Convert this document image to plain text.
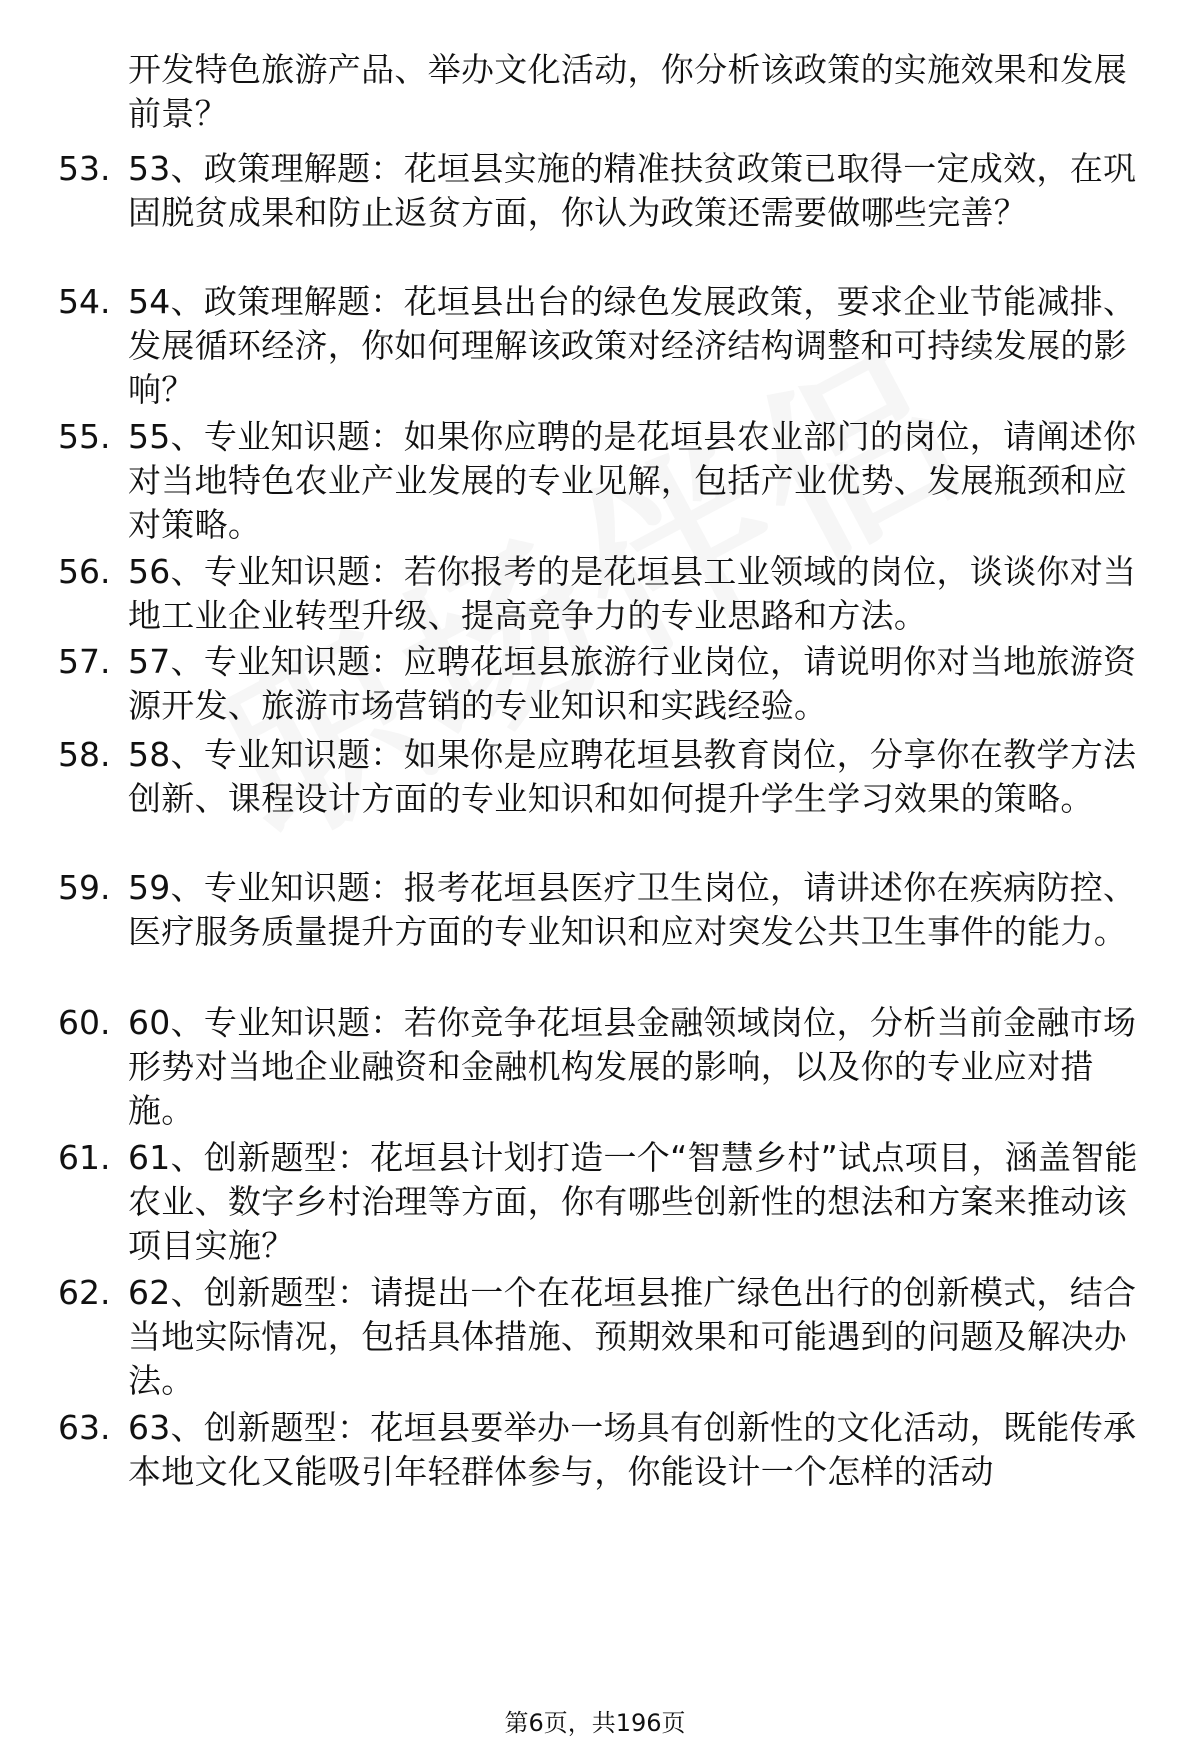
开发特色旅游产品、举办文化活动，你分析该政策的实施效果和发展前景？
53. 53、政策理解题：花垣县实施的精准扶贫政策已取得一定成效，在巩固脱贫成果和防止返贫方面，你认为政策还需要做哪些完善？
54. 54、政策理解题：花垣县出台的绿色发展政策，要求企业节能减排、发展循环经济，你如何理解该政策对经济结构调整和可持续发展的影响？
55. 55、专业知识题：如果你应聘的是花垣县农业部门的岗位，请阐述你对当地特色农业产业发展的专业见解，包括产业优势、发展瓶颈和应对策略。
56. 56、专业知识题：若你报考的是花垣县工业领域的岗位，谈谈你对当地工业企业转型升级、提高竞争力的专业思路和方法。
57. 57、专业知识题：应聘花垣县旅游行业岗位，请说明你对当地旅游资源开发、旅游市场营销的专业知识和实践经验。
58. 58、专业知识题：如果你是应聘花垣县教育岗位，分享你在教学方法创新、课程设计方面的专业知识和如何提升学生学习效果的策略。
59. 59、专业知识题：报考花垣县医疗卫生岗位，请讲述你在疾病防控、医疗服务质量提升方面的专业知识和应对突发公共卫生事件的能力。
60. 60、专业知识题：若你竞争花垣县金融领域岗位，分析当前金融市场形势对当地企业融资和金融机构发展的影响，以及你的专业应对措施。
61. 61、创新题型：花垣县计划打造一个“智慧乡村”试点项目，涵盖智能农业、数字乡村治理等方面，你有哪些创新性的想法和方案来推动该项目实施？
62. 62、创新题型：请提出一个在花垣县推广绿色出行的创新模式，结合当地实际情况，包括具体措施、预期效果和可能遇到的问题及解决办法。
63. 63、创新题型：花垣县要举办一场具有创新性的文化活动，既能传承本地文化又能吸引年轻群体参与，你能设计一个怎样的活动
第6页，共196页
